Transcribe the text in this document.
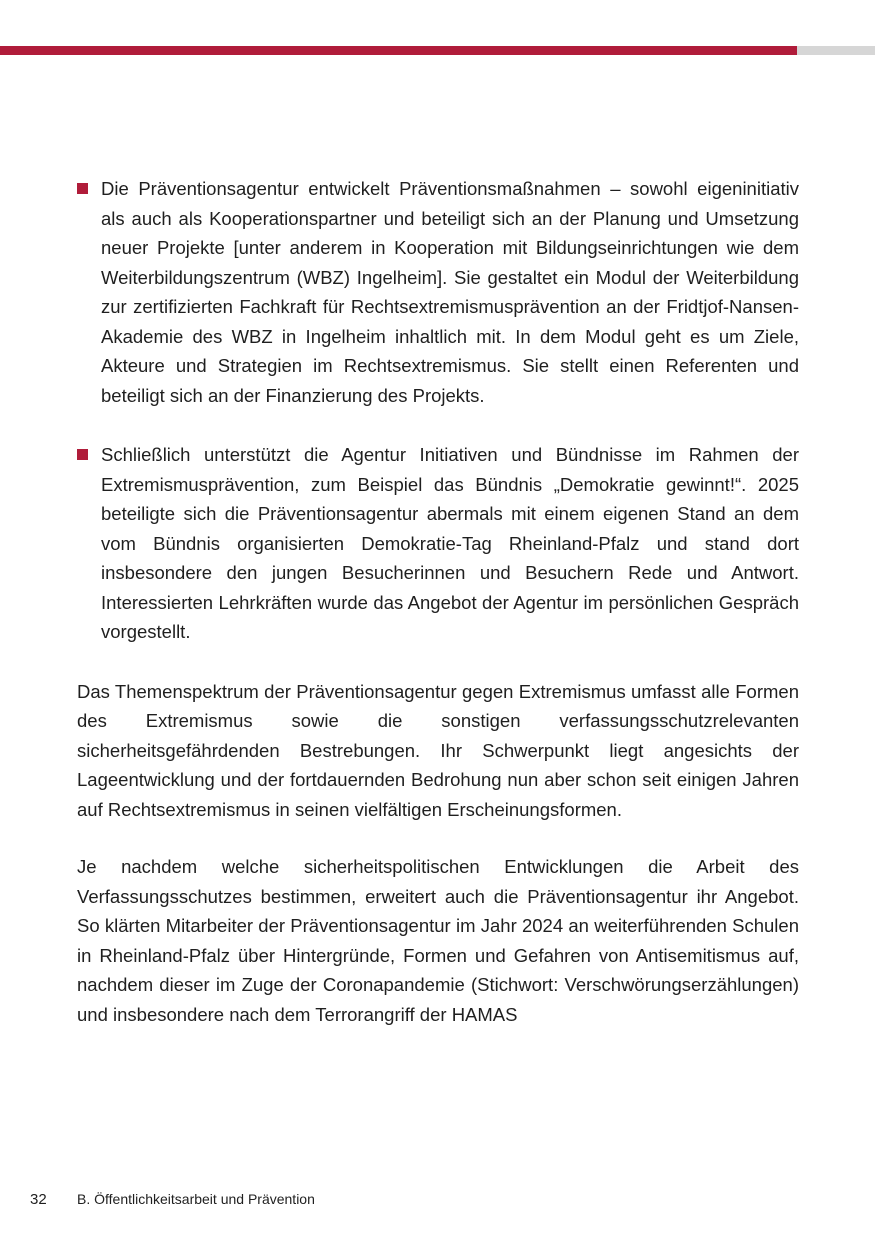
Die Präventionsagentur entwickelt Präventionsmaßnahmen – sowohl eigeninitiativ als auch als Kooperationspartner und beteiligt sich an der Planung und Umsetzung neuer Projekte [unter anderem in Kooperation mit Bildungseinrichtungen wie dem Weiterbildungszentrum (WBZ) Ingelheim]. Sie gestaltet ein Modul der Weiterbildung zur zertifizierten Fachkraft für Rechtsextremismusprävention an der Fridtjof-Nansen-Akademie des WBZ in Ingelheim inhaltlich mit. In dem Modul geht es um Ziele, Akteure und Strategien im Rechtsextremismus. Sie stellt einen Referenten und beteiligt sich an der Finanzierung des Projekts.

Schließlich unterstützt die Agentur Initiativen und Bündnisse im Rahmen der Extremismusprävention, zum Beispiel das Bündnis „Demokratie gewinnt!“. 2025 beteiligte sich die Präventionsagentur abermals mit einem eigenen Stand an dem vom Bündnis organisierten Demokratie-Tag Rheinland-Pfalz und stand dort insbesondere den jungen Besucherinnen und Besuchern Rede und Antwort. Interessierten Lehrkräften wurde das Angebot der Agentur im persönlichen Gespräch vorgestellt.

Das Themenspektrum der Präventionsagentur gegen Extremismus umfasst alle Formen des Extremismus sowie die sonstigen verfassungsschutzrelevanten sicherheitsgefährdenden Bestrebungen. Ihr Schwerpunkt liegt angesichts der Lageentwicklung und der fortdauernden Bedrohung nun aber schon seit einigen Jahren auf Rechtsextremismus in seinen vielfältigen Erscheinungsformen.

Je nachdem welche sicherheitspolitischen Entwicklungen die Arbeit des Verfassungsschutzes bestimmen, erweitert auch die Präventionsagentur ihr Angebot. So klärten Mitarbeiter der Präventionsagentur im Jahr 2024 an weiterführenden Schulen in Rheinland-Pfalz über Hintergründe, Formen und Gefahren von Antisemitismus auf, nachdem dieser im Zuge der Coronapandemie (Stichwort: Verschwörungserzählungen) und insbesondere nach dem Terrorangriff der HAMAS

32 B. Öffentlichkeitsarbeit und Prävention
